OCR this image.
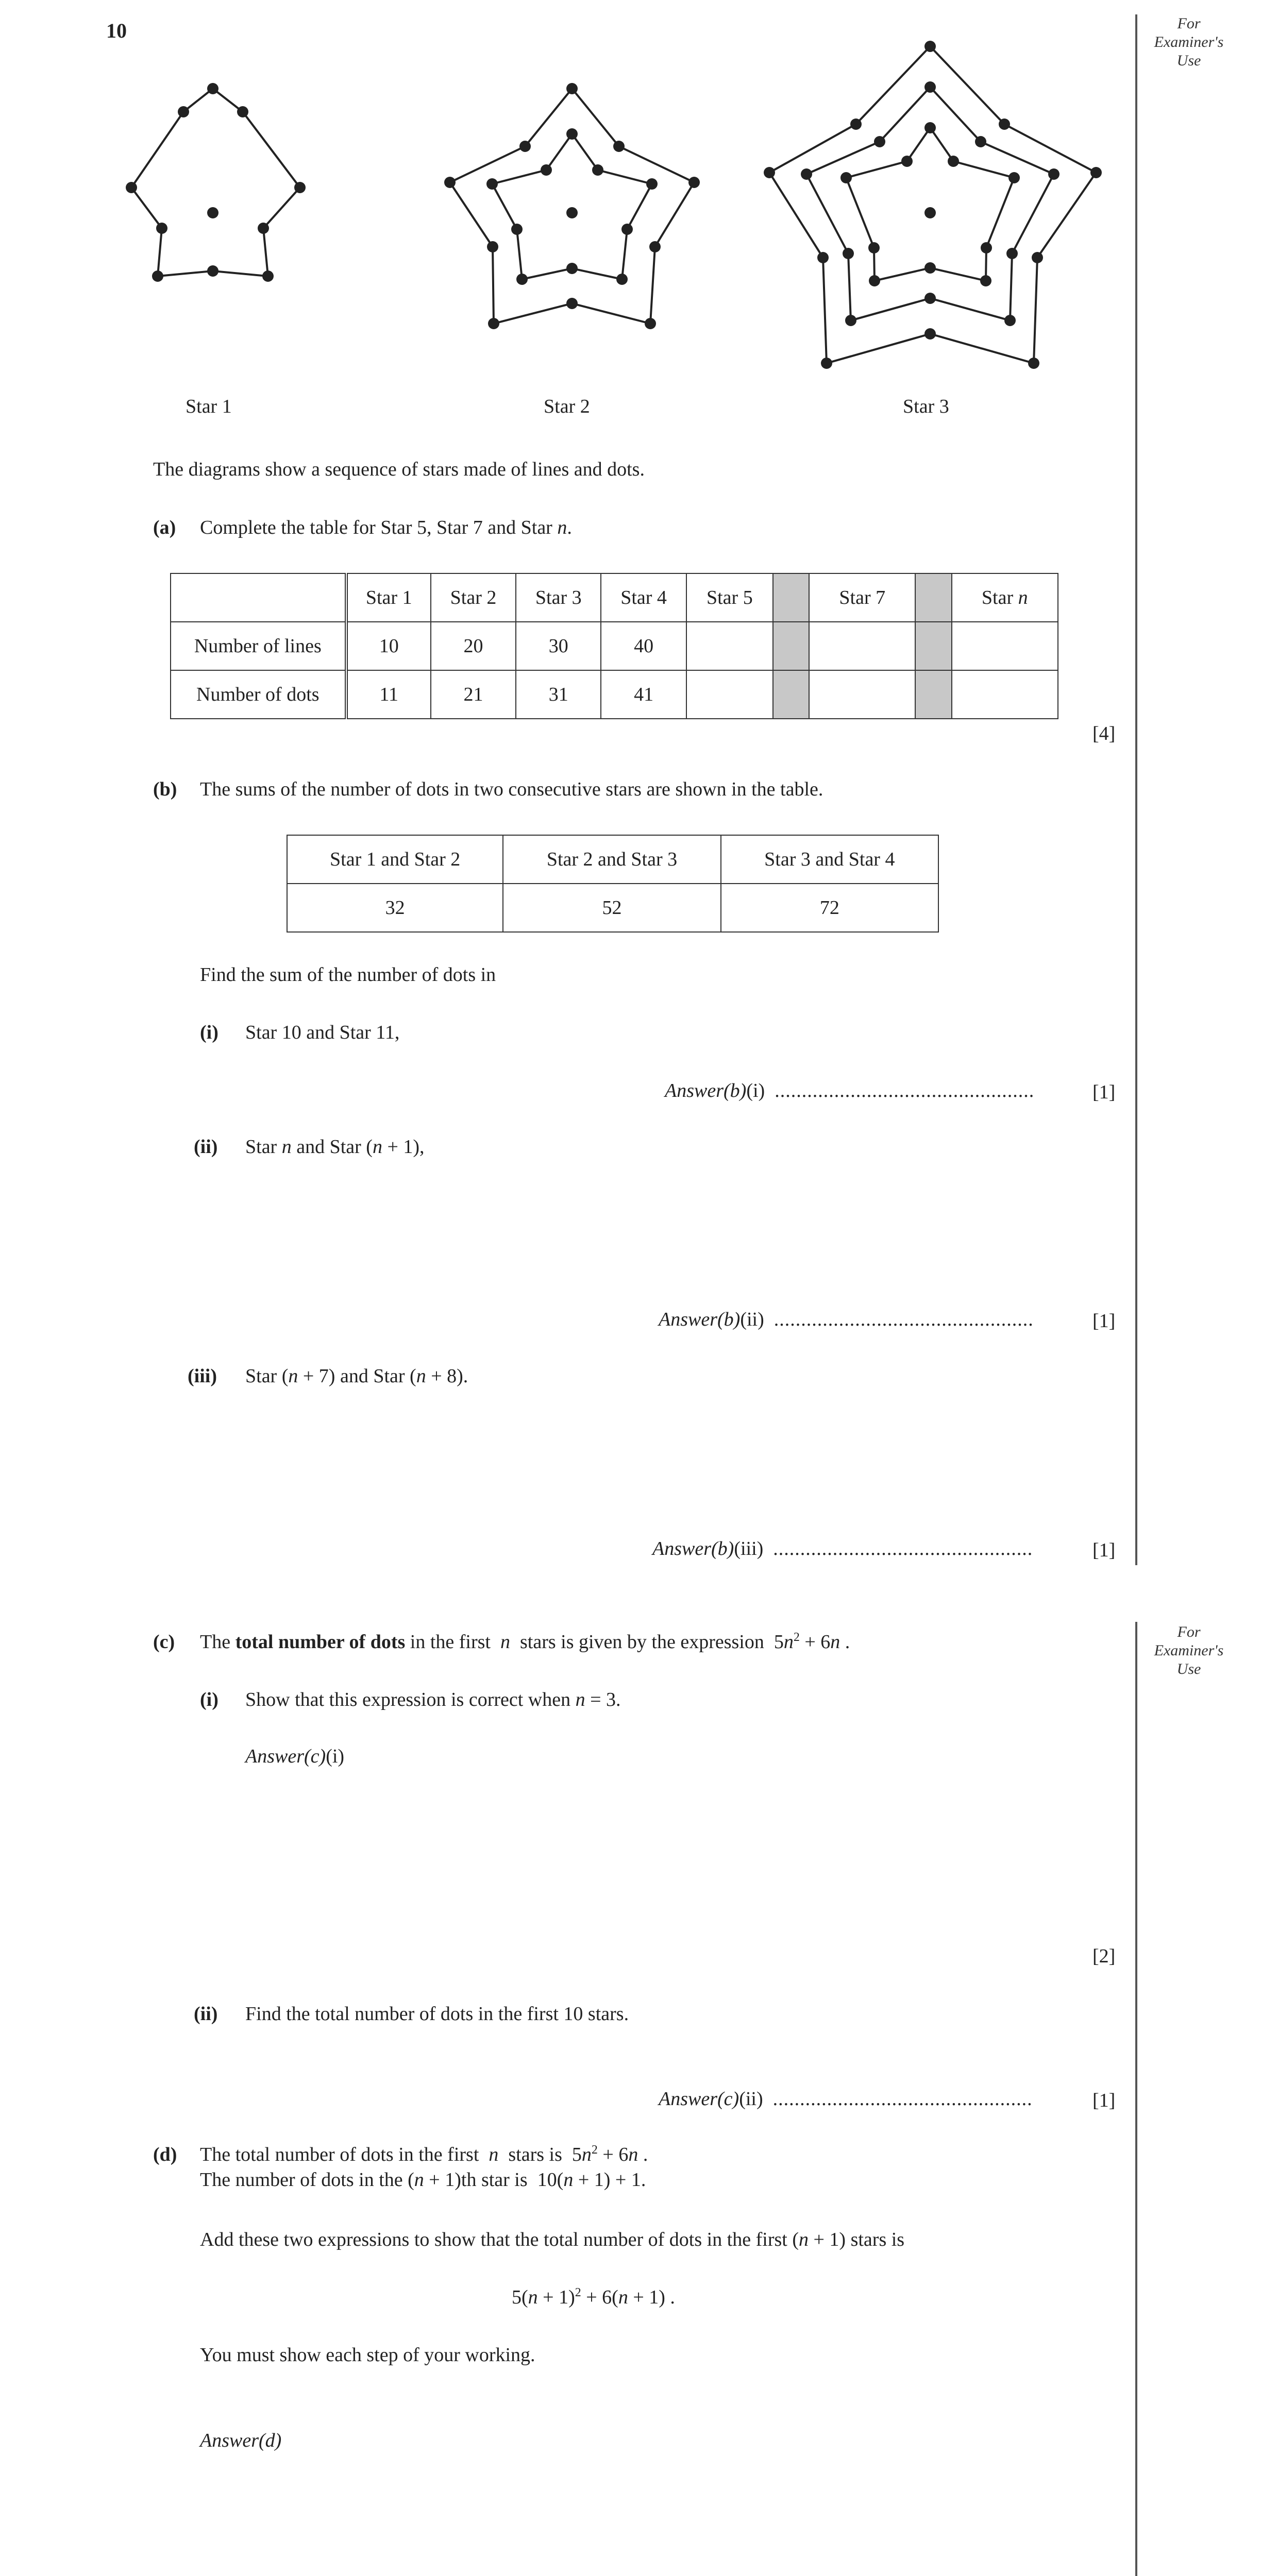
10	For
Examiner's
Use
For
Examiner's
Use
Star 1	Star 2	Star 3
The diagrams show a sequence of stars made of lines and dots.
(a) Complete the table for Star 5, Star 7 and Star n.
	Star 1	Star 2	Star 3	Star 4	Star 5		Star 7		Star n
Number of lines	10	20	30	40					
Number of dots	11	21	31	41					
[4]
(b) The sums of the number of dots in two consecutive stars are shown in the table.
Star 1 and Star 2	Star 2 and Star 3	Star 3 and Star 4
32	52	72
Find the sum of the number of dots in
(i) Star 10 and Star 11,
Answer(b)(i) ................................................	[1]
(ii) Star n and Star (n + 1),
Answer(b)(ii) ................................................	[1]
(iii) Star (n + 7) and Star (n + 8).
Answer(b)(iii) ................................................	[1]
(c) The total number of dots in the first  n  stars is given by the expression  $5n^2 + 6n$ .
(i) Show that this expression is correct when n = 3.
Answer(c)(i)
[2]
(ii) Find the total number of dots in the first 10 stars.
Answer(c)(ii) ................................................	[1]
(d) The total number of dots in the first  n  stars is  $5n^2 + 6n$ .
The number of dots in the (n + 1)th star is  10(n + 1) + 1.
Add these two expressions to show that the total number of dots in the first (n + 1) stars is
$5(n + 1)^2 + 6(n + 1)$ .
You must show each step of your working.
Answer(d)
